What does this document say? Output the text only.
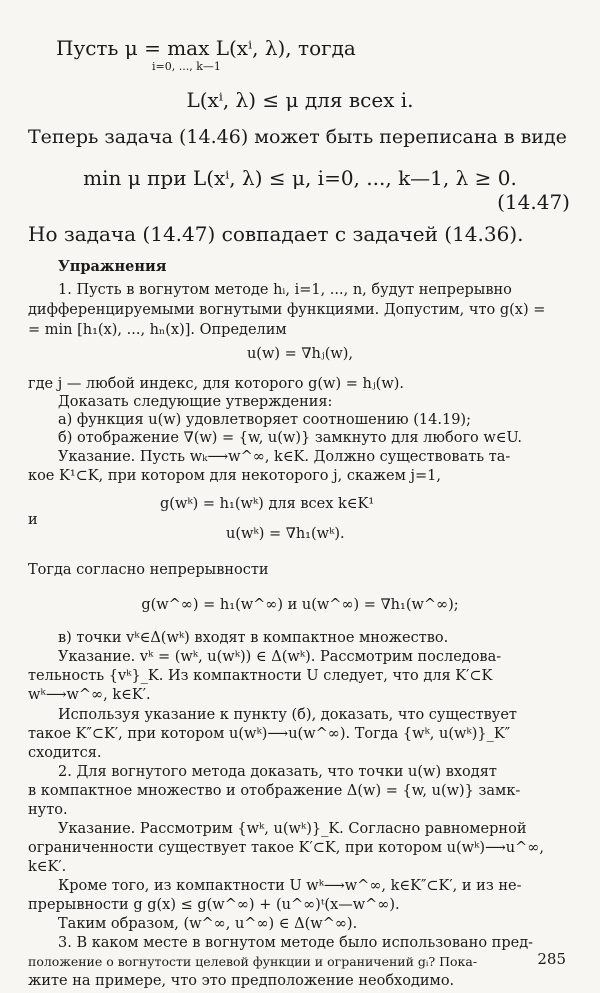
Пусть μ = max L(xⁱ, λ), тогда
i=0, ..., k—1
L(xⁱ, λ) ≤ μ для всех i.
Теперь задача (14.46) может быть переписана в виде
min μ при L(xⁱ, λ) ≤ μ, i=0, ..., k—1, λ ≥ 0.
(14.47)
Но задача (14.47) совпадает с задачей (14.36).
Упражнения
1. Пусть в вогнутом методе hᵢ, i=1, ..., n, будут непрерывно
дифференцируемыми вогнутыми функциями. Допустим, что g(x) =
= min [h₁(x), ..., hₙ(x)]. Определим
u(w) = ∇hⱼ(w),
где j — любой индекс, для которого g(w) = hⱼ(w).
Доказать следующие утверждения:
а) функция u(w) удовлетворяет соотношению (14.19);
б) отображение ∇(w) = {w, u(w)} замкнуто для любого w∈U.
Указание. Пусть wₖ⟶w^∞, k∈K. Должно существовать та-
кое K¹⊂K, при котором для некоторого j, скажем j=1,
g(wᵏ) = h₁(wᵏ) для всех k∈K¹
и
u(wᵏ) = ∇h₁(wᵏ).
Тогда согласно непрерывности
g(w^∞) = h₁(w^∞) и u(w^∞) = ∇h₁(w^∞);
в) точки vᵏ∈Δ(wᵏ) входят в компактное множество.
Указание. vᵏ = (wᵏ, u(wᵏ)) ∈ Δ(wᵏ). Рассмотрим последова-
тельность {vᵏ}_K. Из компактности U следует, что для K′⊂K
wᵏ⟶w^∞, k∈K′.
Используя указание к пункту (б), доказать, что существует
такое K″⊂K′, при котором u(wᵏ)⟶u(w^∞). Тогда {wᵏ, u(wᵏ)}_K″
сходится.
2. Для вогнутого метода доказать, что точки u(w) входят
в компактное множество и отображение Δ(w) = {w, u(w)} замк-
нуто.
Указание. Рассмотрим {wᵏ, u(wᵏ)}_K. Согласно равномерной
ограниченности существует такое K′⊂K, при котором u(wᵏ)⟶u^∞,
k∈K′.
Кроме того, из компактности U wᵏ⟶w^∞, k∈K″⊂K′, и из не-
прерывности g g(x) ≤ g(w^∞) + (u^∞)ᵗ(x—w^∞).
Таким образом, (w^∞, u^∞) ∈ Δ(w^∞).
3. В каком месте в вогнутом методе было использовано пред-
положение о вогнутости целевой функции и ограничений gᵢ? Пока-
жите на примере, что это предположение необходимо.
285
